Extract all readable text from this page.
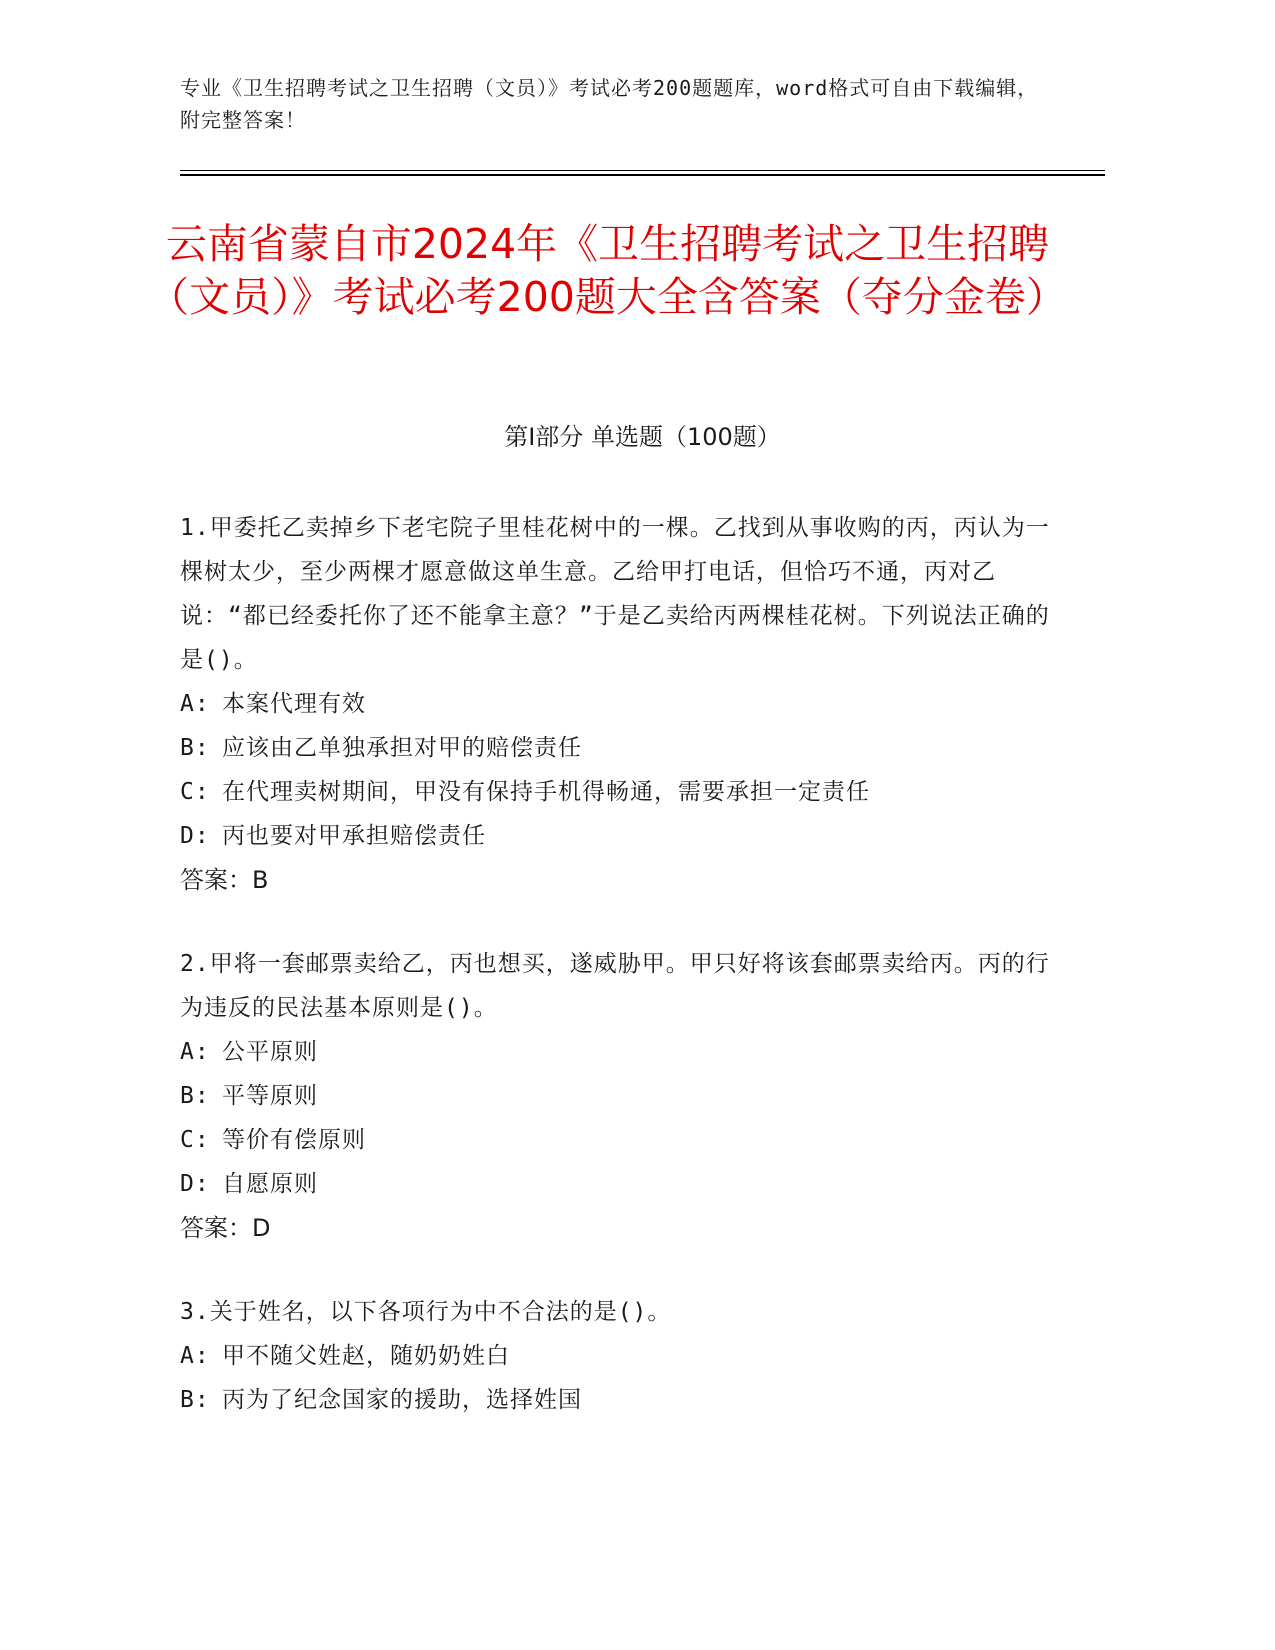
专业《卫生招聘考试之卫生招聘（文员）》考试必考200题题库，word格式可自由下载编辑，附完整答案！
云南省蒙自市2024年《卫生招聘考试之卫生招聘（文员）》考试必考200题大全含答案（夺分金卷）
第Ⅰ部分 单选题（100题）

1.甲委托乙卖掉乡下老宅院子里桂花树中的一棵。乙找到从事收购的丙，丙认为一棵树太少，至少两棵才愿意做这单生意。乙给甲打电话，但恰巧不通，丙对乙说：“都已经委托你了还不能拿主意？”于是乙卖给丙两棵桂花树。下列说法正确的是()。

A: 本案代理有效

B: 应该由乙单独承担对甲的赔偿责任

C: 在代理卖树期间，甲没有保持手机得畅通，需要承担一定责任

D: 丙也要对甲承担赔偿责任

答案：B

2.甲将一套邮票卖给乙，丙也想买，遂威胁甲。甲只好将该套邮票卖给丙。丙的行为违反的民法基本原则是()。

A: 公平原则

B: 平等原则

C: 等价有偿原则

D: 自愿原则

答案：D

3.关于姓名，以下各项行为中不合法的是()。

A: 甲不随父姓赵，随奶奶姓白

B: 丙为了纪念国家的援助，选择姓国
